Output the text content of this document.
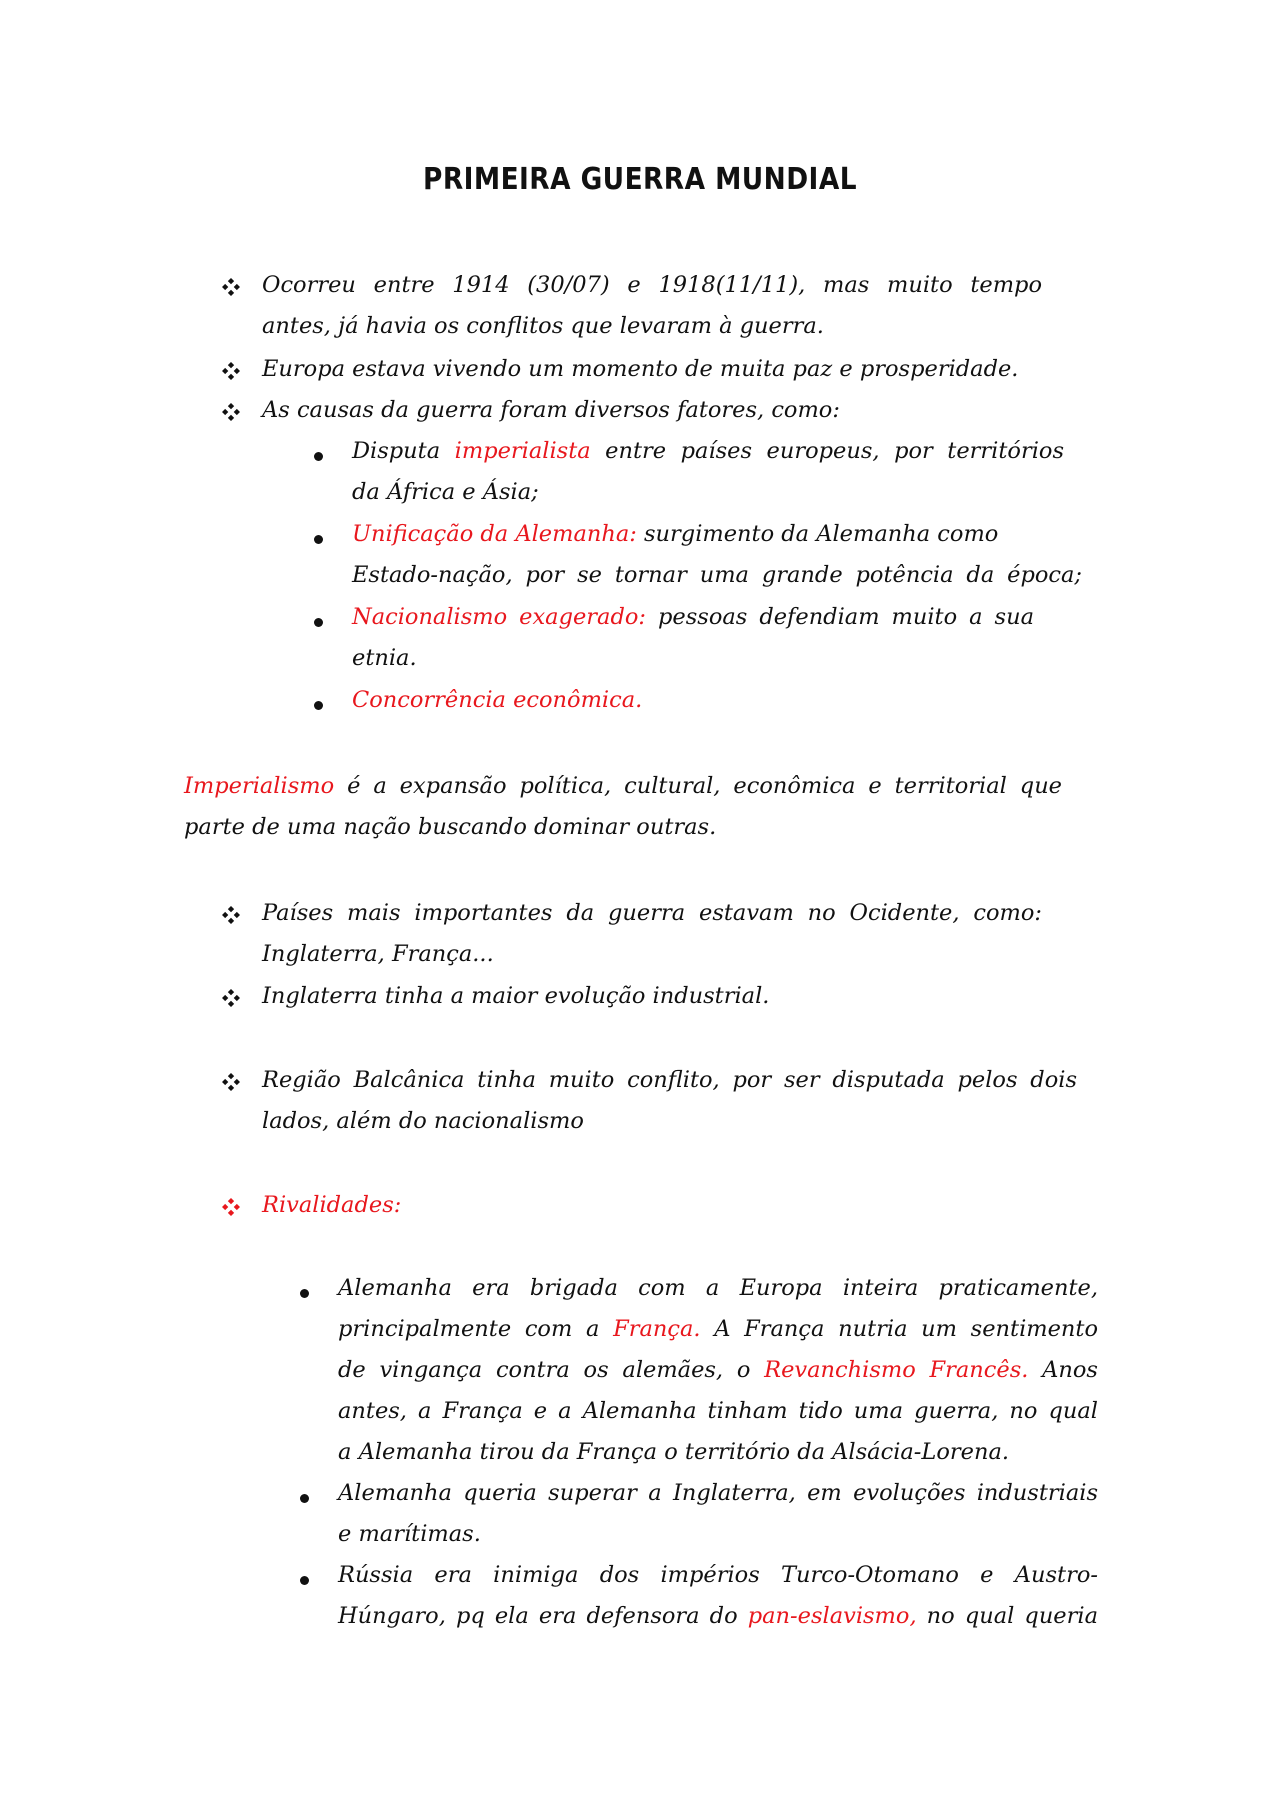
PRIMEIRA GUERRA MUNDIAL
Ocorreu entre 1914 (30/07) e 1918(11/11), mas muito tempo
antes, já havia os conflitos que levaram à guerra.
Europa estava vivendo um momento de muita paz e prosperidade.
As causas da guerra foram diversos fatores, como:
Disputa imperialista entre países europeus, por territórios
da África e Ásia;
Unificação da Alemanha: surgimento da Alemanha como
Estado-nação, por se tornar uma grande potência da época;
Nacionalismo exagerado: pessoas defendiam muito a sua
etnia.
Concorrência econômica.
Imperialismo é a expansão política, cultural, econômica e territorial que
parte de uma nação buscando dominar outras.
Países mais importantes da guerra estavam no Ocidente, como:
Inglaterra, França...
Inglaterra tinha a maior evolução industrial.
Região Balcânica tinha muito conflito, por ser disputada pelos dois
lados, além do nacionalismo
Rivalidades:
Alemanha era brigada com a Europa inteira praticamente,
principalmente com a França. A França nutria um sentimento
de vingança contra os alemães, o Revanchismo Francês. Anos
antes, a França e a Alemanha tinham tido uma guerra, no qual
a Alemanha tirou da França o território da Alsácia-Lorena.
Alemanha queria superar a Inglaterra, em evoluções industriais
e marítimas.
Rússia era inimiga dos impérios Turco-Otomano e Austro-
Húngaro, pq ela era defensora do pan-eslavismo, no qual queria
